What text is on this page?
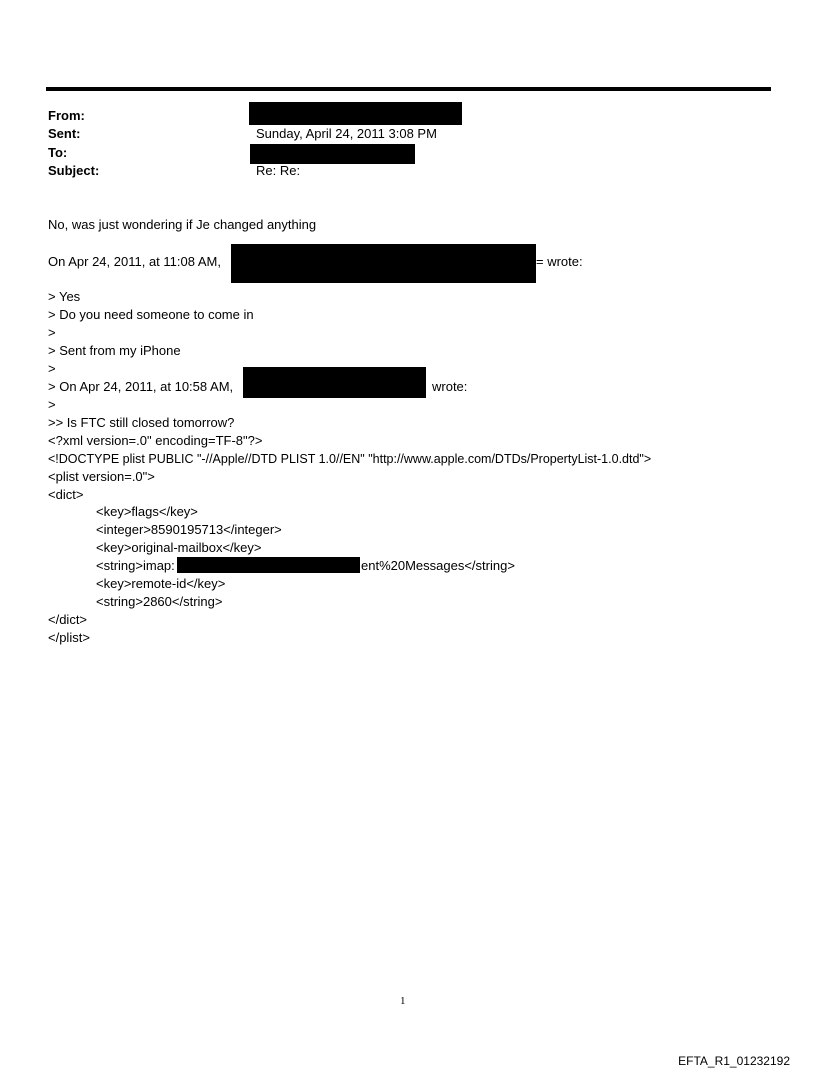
From:
Sent:	Sunday, April 24, 2011 3:08 PM
To:
Subject:	Re: Re:
No, was just wondering if Je changed anything
On Apr 24, 2011, at 11:08 AM,	= wrote:
> Yes
> Do you need someone to come in
>
> Sent from my iPhone
>
> On Apr 24, 2011, at 10:58 AM,	wrote:
>
>> Is FTC still closed tomorrow?
<?xml version=.0" encoding=TF-8"?>
<!DOCTYPE plist PUBLIC "-//Apple//DTD PLIST 1.0//EN" "http://www.apple.com/DTDs/PropertyList-1.0.dtd">
<plist version=.0">
<dict>
<key>flags</key>
<integer>8590195713</integer>
<key>original-mailbox</key>
<string>imap:	ent%20Messages</string>
<key>remote-id</key>
<string>2860</string>
</dict>
</plist>
1
EFTA_R1_01232192
